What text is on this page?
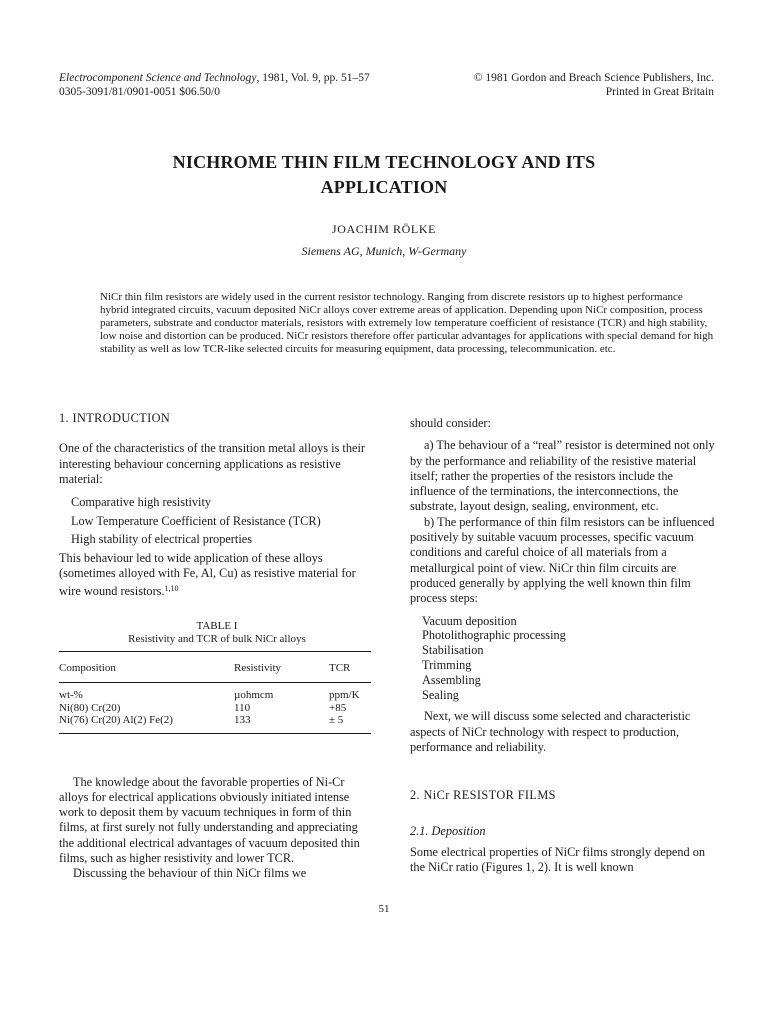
Electrocomponent Science and Technology, 1981, Vol. 9, pp. 51–57
0305-3091/81/0901-0051 $06.50/0
© 1981 Gordon and Breach Science Publishers, Inc.
Printed in Great Britain
NICHROME THIN FILM TECHNOLOGY AND ITS
APPLICATION
JOACHIM RÖLKE
Siemens AG, Munich, W-Germany
NiCr thin film resistors are widely used in the current resistor technology. Ranging from discrete resistors up to highest performance hybrid integrated circuits, vacuum deposited NiCr alloys cover extreme areas of application. Depending upon NiCr composition, process parameters, substrate and conductor materials, resistors with extremely low temperature coefficient of resistance (TCR) and high stability, low noise and distortion can be produced. NiCr resistors therefore offer particular advantages for applications with special demand for high stability as well as low TCR-like selected circuits for measuring equipment, data processing, telecommunication. etc.
1. INTRODUCTION

One of the characteristics of the transition metal alloys is their interesting behaviour concerning applications as resistive material:

Comparative high resistivity
Low Temperature Coefficient of Resistance (TCR)
High stability of electrical properties

This behaviour led to wide application of these alloys (sometimes alloyed with Fe, Al, Cu) as resistive material for wire wound resistors.$^{1,10}$

TABLE I
Resistivity and TCR of bulk NiCr alloys
Composition	Resistivity	TCR

wt-%	µohmcm	ppm/K
Ni(80) Cr(20)	110	+85
Ni(76) Cr(20) Al(2) Fe(2)	133	± 5

The knowledge about the favorable properties of Ni-Cr alloys for electrical applications obviously initiated intense work to deposit them by vacuum techniques in form of thin films, at first surely not fully understanding and appreciating the additional electrical advantages of vacuum deposited thin films, such as higher resistivity and lower TCR.

Discussing the behaviour of thin NiCr films we

should consider:

a) The behaviour of a “real” resistor is determined not only by the performance and reliability of the resistive material itself; rather the properties of the resistors include the influence of the terminations, the interconnections, the substrate, layout design, sealing, environment, etc.

b) The performance of thin film resistors can be influenced positively by suitable vacuum processes, specific vacuum conditions and careful choice of all materials from a metallurgical point of view. NiCr thin film circuits are produced generally by applying the well known thin film process steps:

Vacuum deposition
Photolithographic processing
Stabilisation
Trimming
Assembling
Sealing

Next, we will discuss some selected and characteristic aspects of NiCr technology with respect to production, performance and reliability.

2. NiCr RESISTOR FILMS
2.1. Deposition

Some electrical properties of NiCr films strongly depend on the NiCr ratio (Figures 1, 2). It is well known

51
